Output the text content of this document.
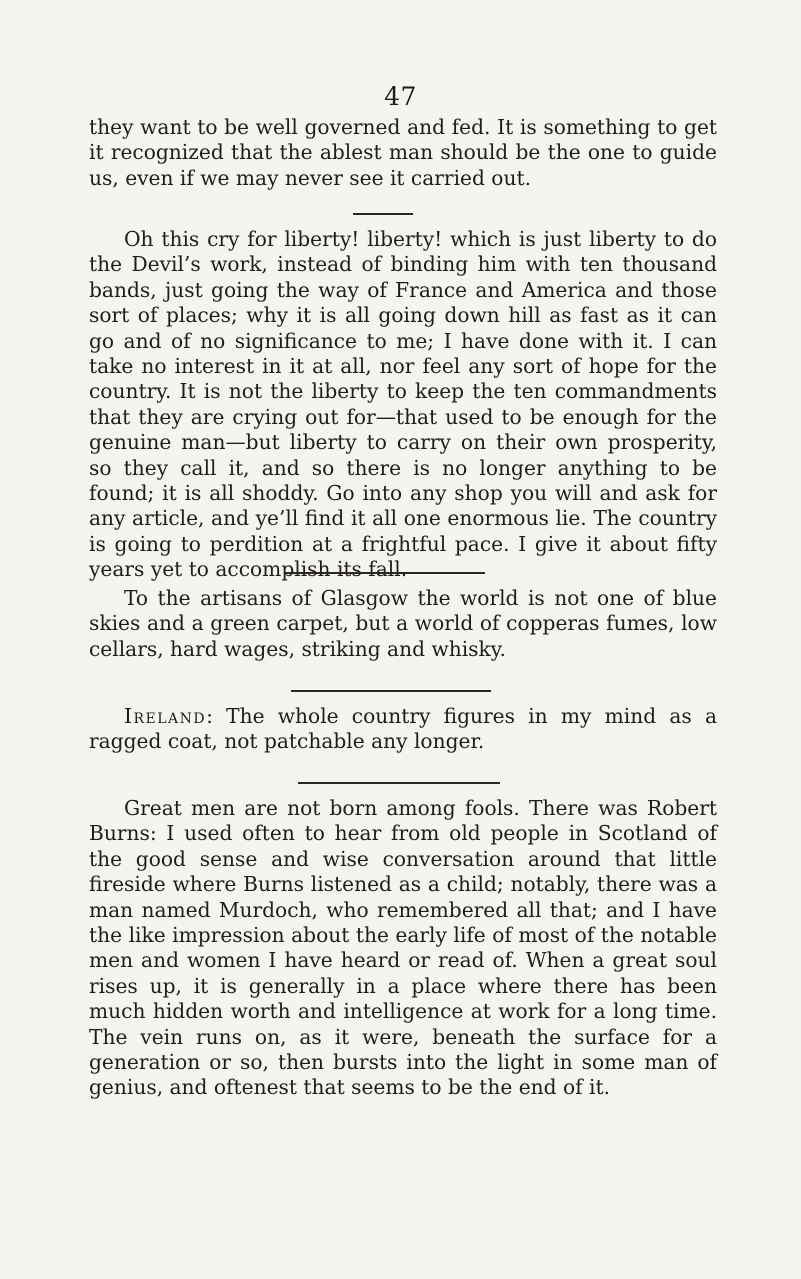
47
they want to be well governed and fed. It is something to get it recognized that the ablest man should be the one to guide us, even if we may never see it carried out.
Oh this cry for liberty! liberty! which is just liberty to do the Devil’s work, instead of binding him with ten thousand bands, just going the way of France and America and those sort of places; why it is all going down hill as fast as it can go and of no significance to me; I have done with it. I can take no interest in it at all, nor feel any sort of hope for the country. It is not the liberty to keep the ten commandments that they are crying out for—that used to be enough for the genuine man—but liberty to carry on their own prosperity, so they call it, and so there is no longer anything to be found; it is all shoddy. Go into any shop you will and ask for any article, and ye’ll find it all one enormous lie. The country is going to perdition at a frightful pace. I give it about fifty years yet to accomplish its fall.
To the artisans of Glasgow the world is not one of blue skies and a green carpet, but a world of copperas fumes, low cellars, hard wages, striking and whisky.
Ireland: The whole country figures in my mind as a ragged coat, not patchable any longer.
Great men are not born among fools. There was Robert Burns: I used often to hear from old people in Scotland of the good sense and wise conversation around that little fireside where Burns listened as a child; notably, there was a man named Murdoch, who remembered all that; and I have the like impression about the early life of most of the notable men and women I have heard or read of. When a great soul rises up, it is generally in a place where there has been much hidden worth and intelligence at work for a long time. The vein runs on, as it were, beneath the surface for a generation or so, then bursts into the light in some man of genius, and oftenest that seems to be the end of it.
